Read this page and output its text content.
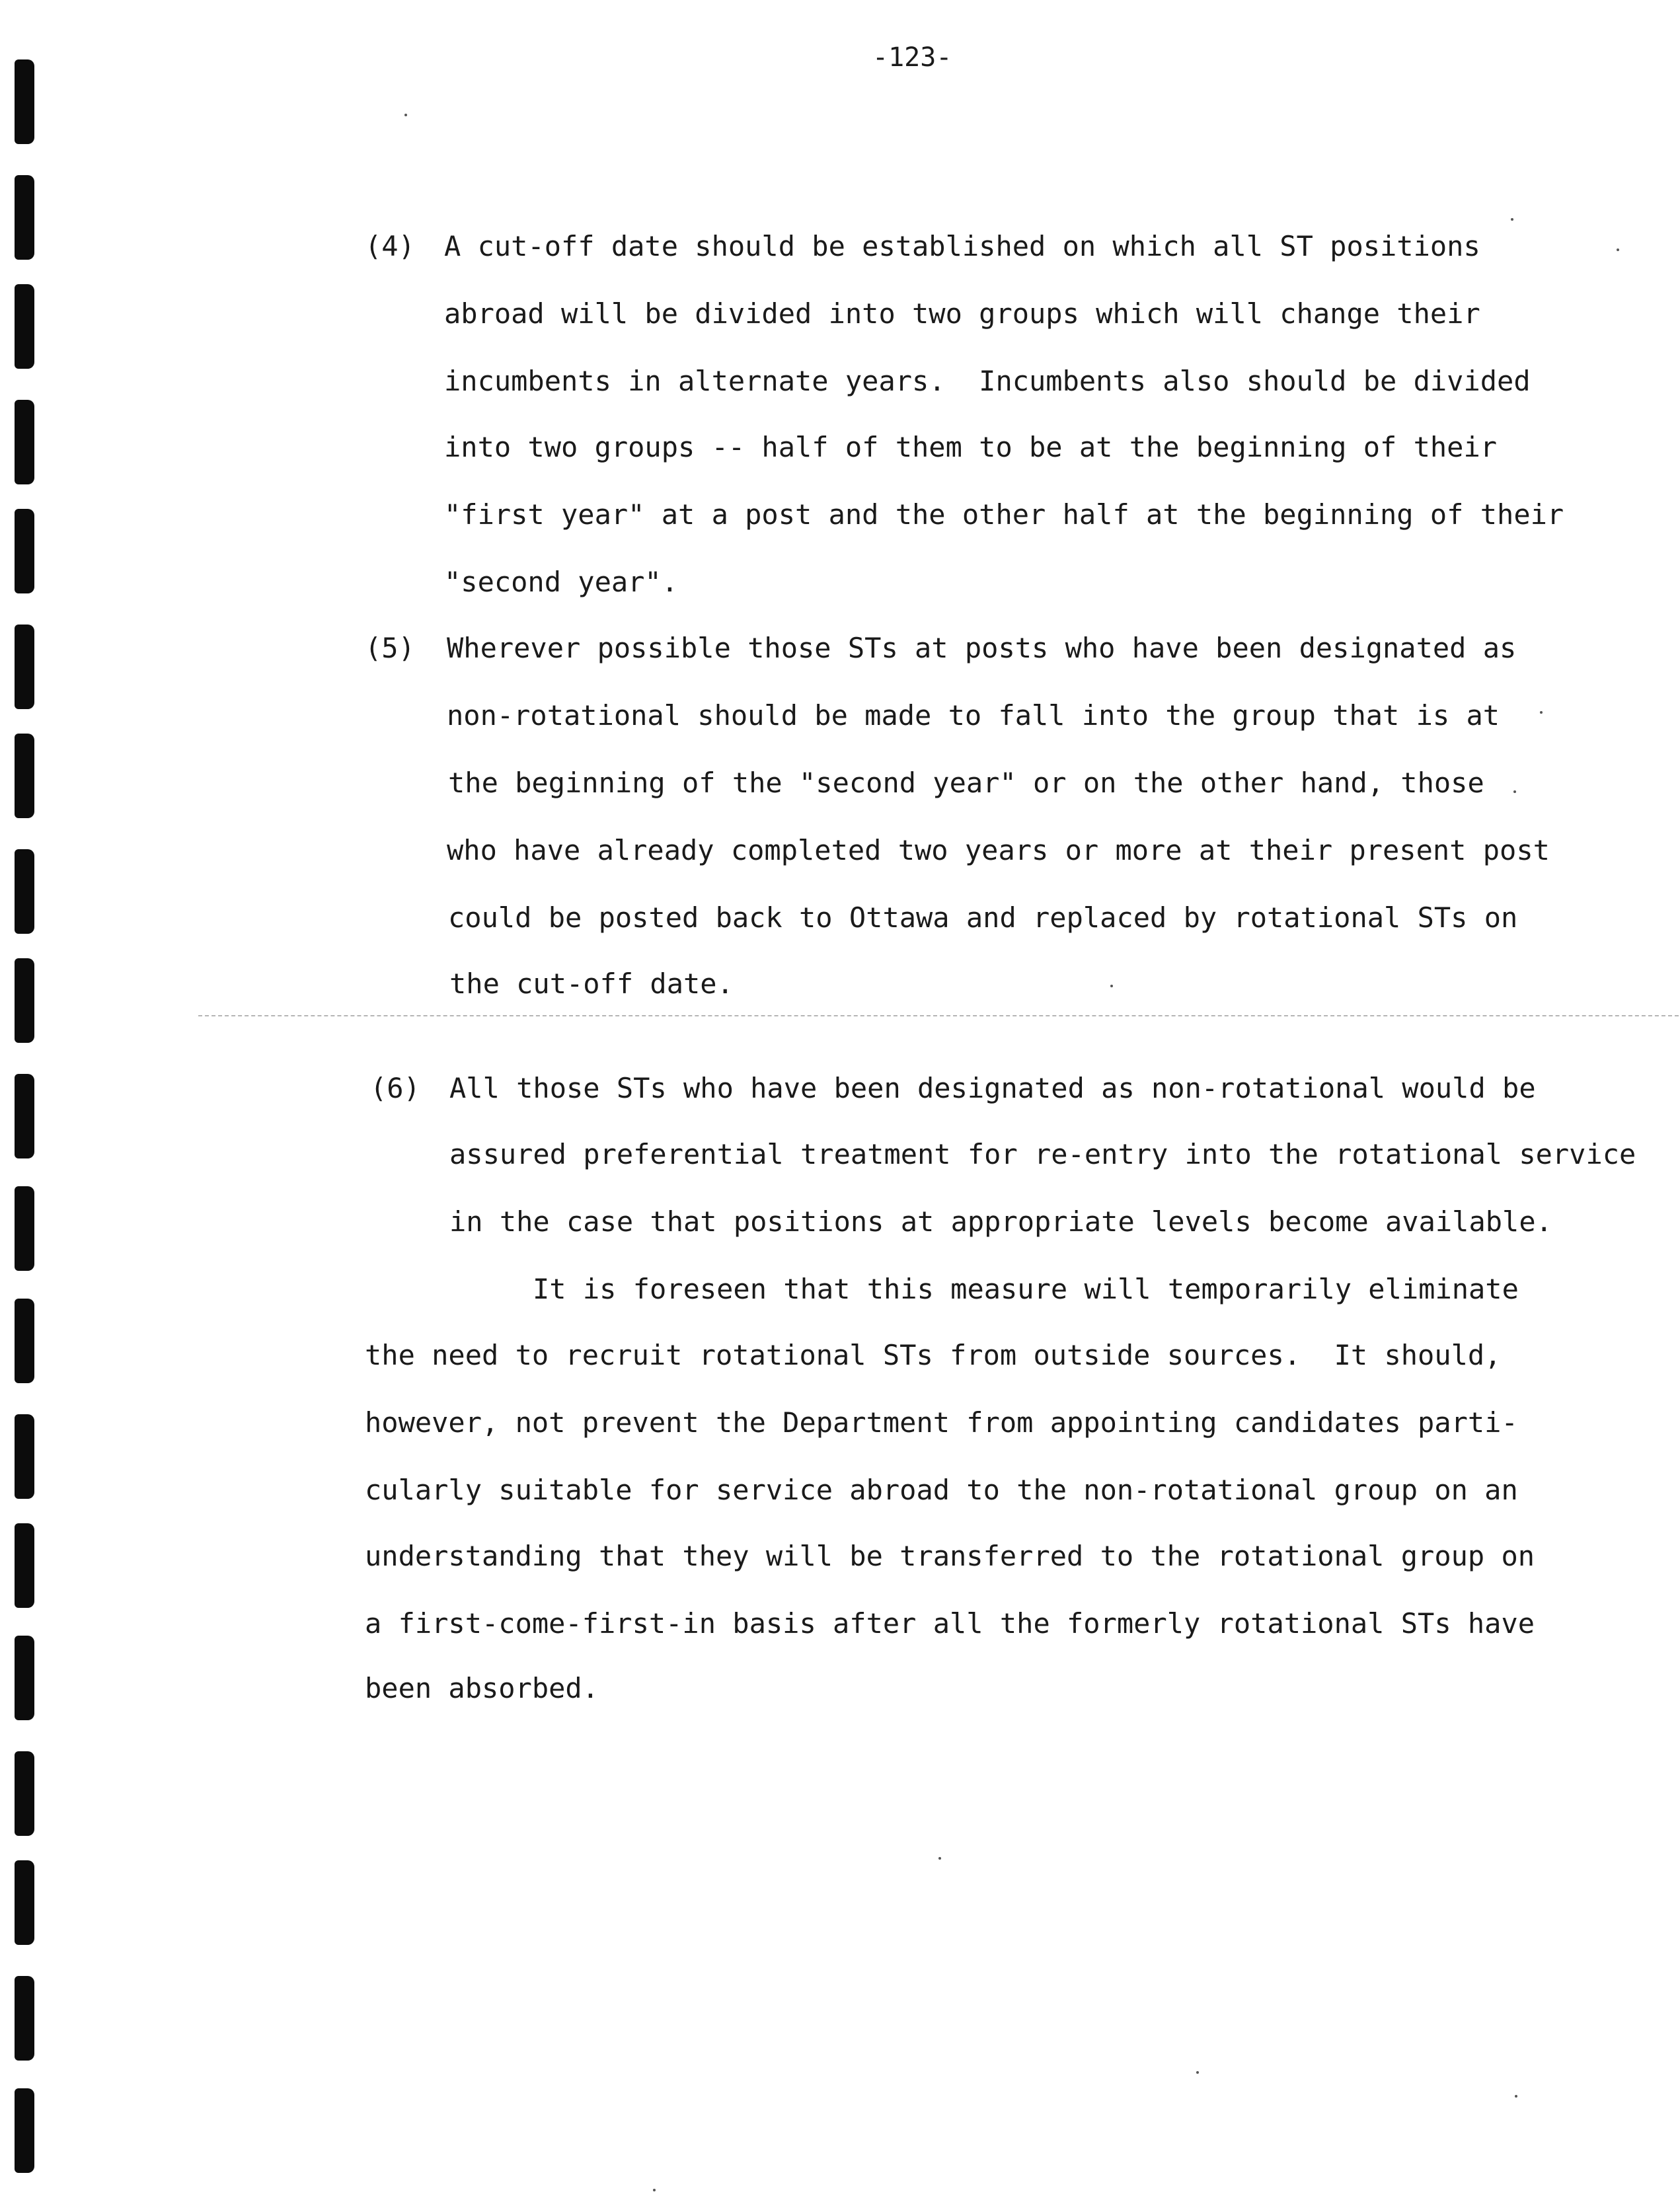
-123-
(4) A cut-off date should be established on which all ST positions
abroad will be divided into two groups which will change their
incumbents in alternate years.  Incumbents also should be divided
into two groups -- half of them to be at the beginning of their
"first year" at a post and the other half at the beginning of their
"second year".
(5) Wherever possible those STs at posts who have been designated as
non-rotational should be made to fall into the group that is at
the beginning of the "second year" or on the other hand, those
who have already completed two years or more at their present post
could be posted back to Ottawa and replaced by rotational STs on
the cut-off date.
(6) All those STs who have been designated as non-rotational would be
assured preferential treatment for re-entry into the rotational service
in the case that positions at appropriate levels become available.
It is foreseen that this measure will temporarily eliminate
the need to recruit rotational STs from outside sources.  It should,
however, not prevent the Department from appointing candidates parti-
cularly suitable for service abroad to the non-rotational group on an
understanding that they will be transferred to the rotational group on
a first-come-first-in basis after all the formerly rotational STs have
been absorbed.
